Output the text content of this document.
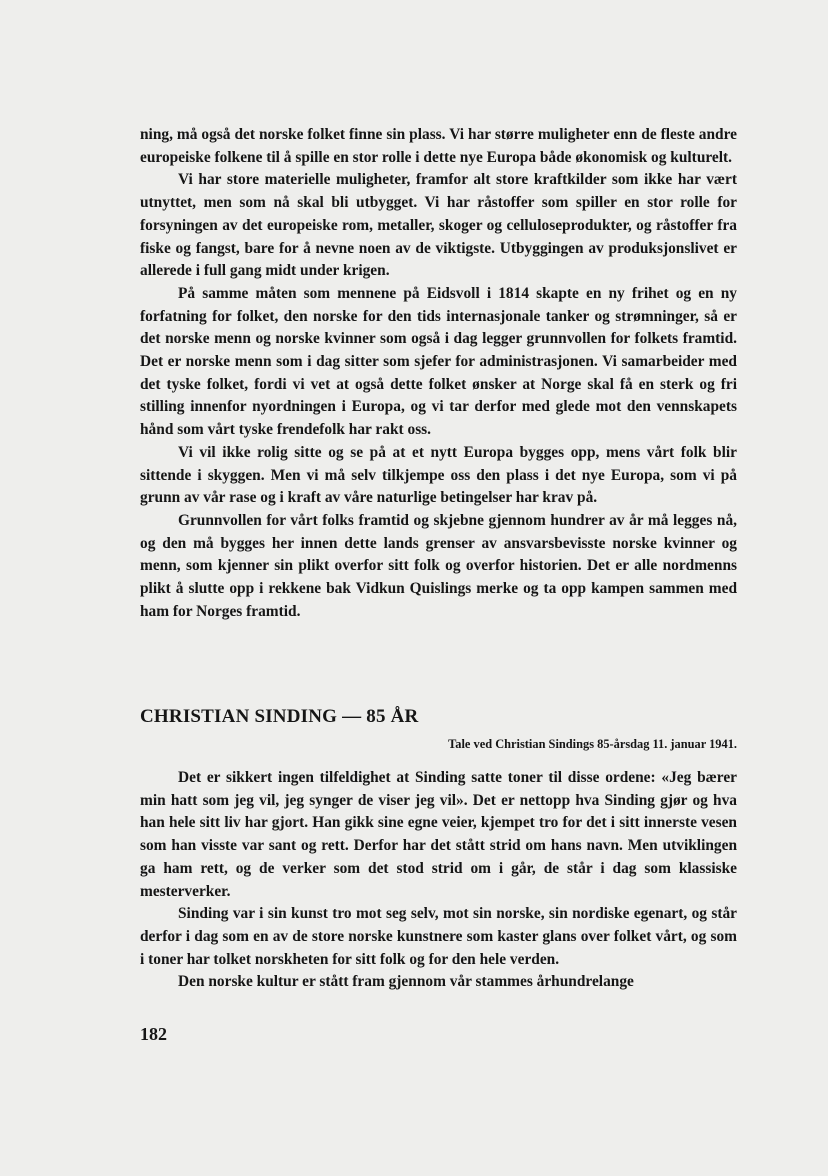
ning, må også det norske folket finne sin plass. Vi har større muligheter enn de fleste andre europeiske folkene til å spille en stor rolle i dette nye Europa både økonomisk og kulturelt.

Vi har store materielle muligheter, framfor alt store kraftkilder som ikke har vært utnyttet, men som nå skal bli utbygget. Vi har råstoffer som spiller en stor rolle for forsyningen av det europeiske rom, metaller, skoger og celluloseprodukter, og råstoffer fra fiske og fangst, bare for å nevne noen av de viktigste. Utbyggingen av produksjonslivet er allerede i full gang midt under krigen.

På samme måten som mennene på Eidsvoll i 1814 skapte en ny frihet og en ny forfatning for folket, den norske for den tids internasjonale tanker og strømninger, så er det norske menn og norske kvinner som også i dag legger grunnvollen for folkets framtid. Det er norske menn som i dag sitter som sjefer for administrasjonen. Vi samarbeider med det tyske folket, fordi vi vet at også dette folket ønsker at Norge skal få en sterk og fri stilling innenfor nyordningen i Europa, og vi tar derfor med glede mot den vennskapets hånd som vårt tyske frendefolk har rakt oss.

Vi vil ikke rolig sitte og se på at et nytt Europa bygges opp, mens vårt folk blir sittende i skyggen. Men vi må selv tilkjempe oss den plass i det nye Europa, som vi på grunn av vår rase og i kraft av våre naturlige betingelser har krav på.

Grunnvollen for vårt folks framtid og skjebne gjennom hundrer av år må legges nå, og den må bygges her innen dette lands grenser av ansvarsbevisste norske kvinner og menn, som kjenner sin plikt overfor sitt folk og overfor historien. Det er alle nordmenns plikt å slutte opp i rekkene bak Vidkun Quislings merke og ta opp kampen sammen med ham for Norges framtid.

CHRISTIAN SINDING — 85 ÅR
Tale ved Christian Sindings 85-årsdag 11. januar 1941.

Det er sikkert ingen tilfeldighet at Sinding satte toner til disse ordene: «Jeg bærer min hatt som jeg vil, jeg synger de viser jeg vil». Det er nettopp hva Sinding gjør og hva han hele sitt liv har gjort. Han gikk sine egne veier, kjempet tro for det i sitt innerste vesen som han visste var sant og rett. Derfor har det stått strid om hans navn. Men utviklingen ga ham rett, og de verker som det stod strid om i går, de står i dag som klassiske mesterverker.

Sinding var i sin kunst tro mot seg selv, mot sin norske, sin nordiske egenart, og står derfor i dag som en av de store norske kunstnere som kaster glans over folket vårt, og som i toner har tolket norskheten for sitt folk og for den hele verden.

Den norske kultur er stått fram gjennom vår stammes århundrelange

182
